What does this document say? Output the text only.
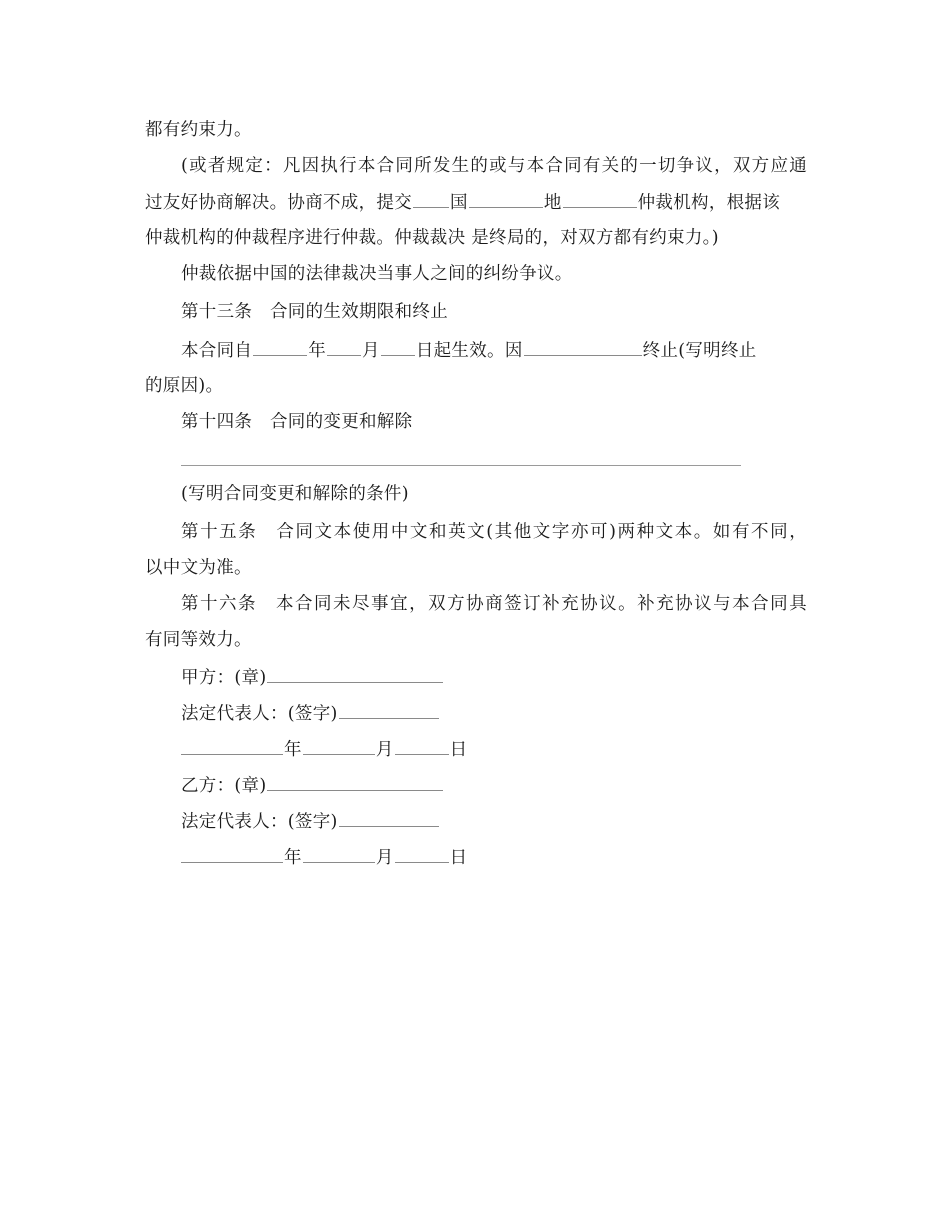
都有约束力。
(或者规定：凡因执行本合同所发生的或与本合同有关的一切争议，双方应通
过友好协商解决。协商不成，提交 国	地	仲裁机构，根据该
仲裁机构的仲裁程序进行仲裁。仲裁裁决 是终局的，对双方都有约束力。)
仲裁依据中国的法律裁决当事人之间的纠纷争议。
第十三条　合同的生效期限和终止
本合同自	年 月 日起生效。因	终止(写明终止
的原因)。
第十四条　合同的变更和解除
(写明合同变更和解除的条件)
第十五条　合同文本使用中文和英文(其他文字亦可)两种文本。如有不同，
以中文为准。
第十六条　本合同未尽事宜，双方协商签订补充协议。补充协议与本合同具
有同等效力。
甲方：(章)
法定代表人：(签字)
年	月	日
乙方：(章)
法定代表人：(签字)
年	月	日
